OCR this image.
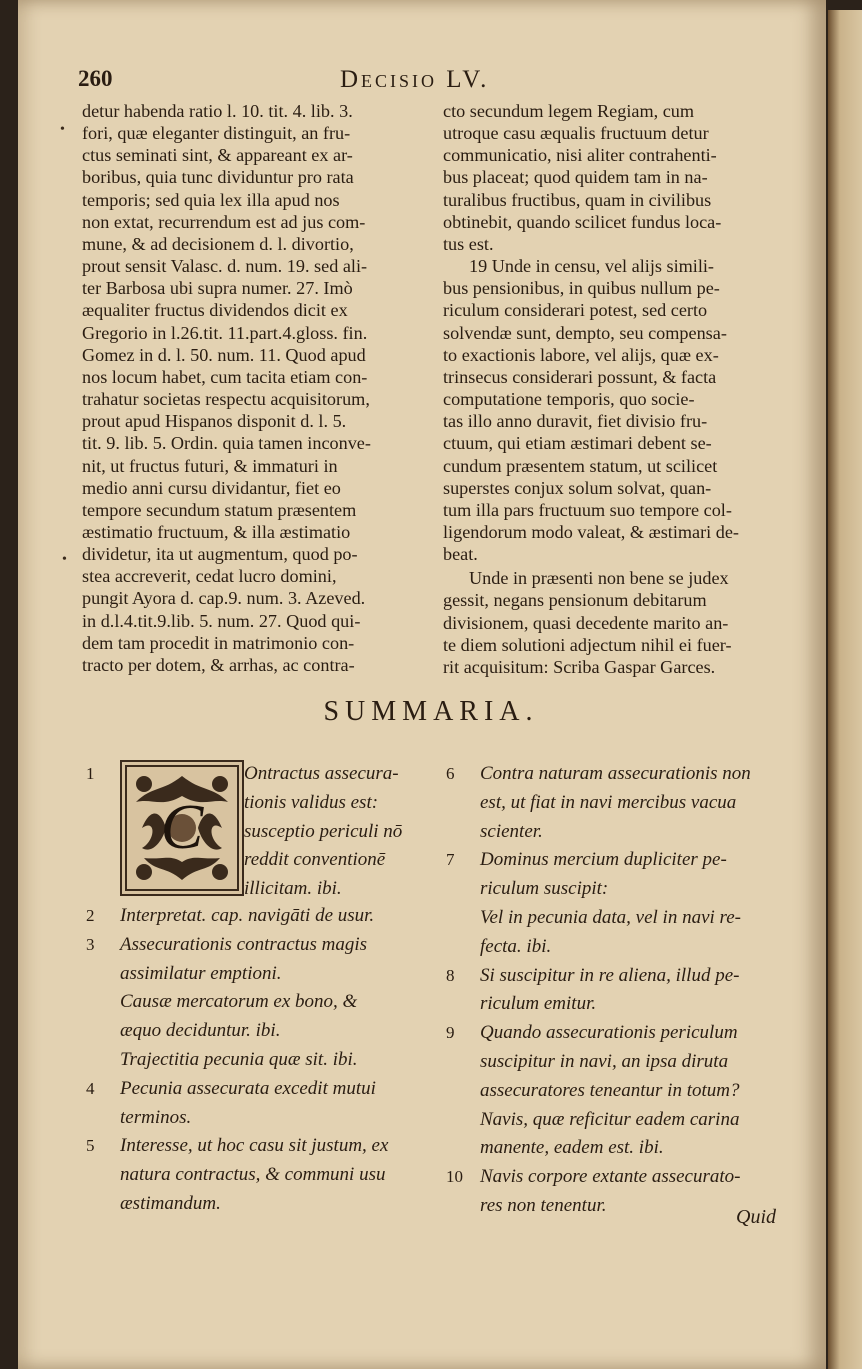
260	Decisio LV.
•
•

detur habenda ratio l. 10. tit. 4. lib. 3.

fori, quæ eleganter distinguit, an fru-

ctus seminati sint, & appareant ex ar-

boribus, quia tunc dividuntur pro rata

temporis; sed quia lex illa apud nos

non extat, recurrendum est ad jus com-

mune, & ad decisionem d. l. divortio,

prout sensit Valasc. d. num. 19. sed ali-

ter Barbosa ubi supra numer. 27. Imò

æqualiter fructus dividendos dicit ex

Gregorio in l.26.tit. 11.part.4.gloss. fin.

Gomez in d. l. 50. num. 11. Quod apud

nos locum habet, cum tacita etiam con-

trahatur societas respectu acquisitorum,

prout apud Hispanos disponit d. l. 5.

tit. 9. lib. 5. Ordin. quia tamen inconve-

nit, ut fructus futuri, & immaturi in

medio anni cursu dividantur, fiet eo

tempore secundum statum præsentem

æstimatio fructuum, & illa æstimatio

dividetur, ita ut augmentum, quod po-

stea accreverit, cedat lucro domini,

pungit Ayora d. cap.9. num. 3. Azeved.

in d.l.4.tit.9.lib. 5. num. 27. Quod qui-

dem tam procedit in matrimonio con-

tracto per dotem, & arrhas, ac contra-

cto secundum legem Regiam, cum

utroque casu æqualis fructuum detur

communicatio, nisi aliter contrahenti-

bus placeat; quod quidem tam in na-

turalibus fructibus, quam in civilibus

obtinebit, quando scilicet fundus loca-

tus est.

19 Unde in censu, vel alijs simili-

bus pensionibus, in quibus nullum pe-

riculum considerari potest, sed certo

solvendæ sunt, dempto, seu compensa-

to exactionis labore, vel alijs, quæ ex-

trinsecus considerari possunt, & facta

computatione temporis, quo socie-

tas illo anno duravit, fiet divisio fru-

ctuum, qui etiam æstimari debent se-

cundum præsentem statum, ut scilicet

superstes conjux solum solvat, quan-

tum illa pars fructuum suo tempore col-

ligendorum modo valeat, & æstimari de-

beat.

Unde in præsenti non bene se judex

gessit, negans pensionum debitarum

divisionem, quasi decedente marito an-

te diem solutioni adjectum nihil ei fuer-

rit acquisitum: Scriba Gaspar Garces.

SUMMARIA.
1
C
Ontractus assecura-
tionis validus est:
susceptio periculi nō
reddit conventionē
illicitam. ibi.
2 Interpretat. cap. navigāti de usur.
3 Assecurationis contractus magis
assimilatur emptioni.
Causæ mercatorum ex bono, &
æquo deciduntur. ibi.
Trajectitia pecunia quæ sit. ibi.
4 Pecunia assecurata excedit mutui
terminos.
5 Interesse, ut hoc casu sit justum, ex
natura contractus, & communi usu
æstimandum.
6 Contra naturam assecurationis non
est, ut fiat in navi mercibus vacua
scienter.
7 Dominus mercium dupliciter pe-
riculum suscipit:
Vel in pecunia data, vel in navi re-
fecta. ibi.
8 Si suscipitur in re aliena, illud pe-
riculum emitur.
9 Quando assecurationis periculum
suscipitur in navi, an ipsa diruta
assecuratores teneantur in totum?
Navis, quæ reficitur eadem carina
manente, eadem est. ibi.
10 Navis corpore extante assecurato-
res non tenentur.
Quid
